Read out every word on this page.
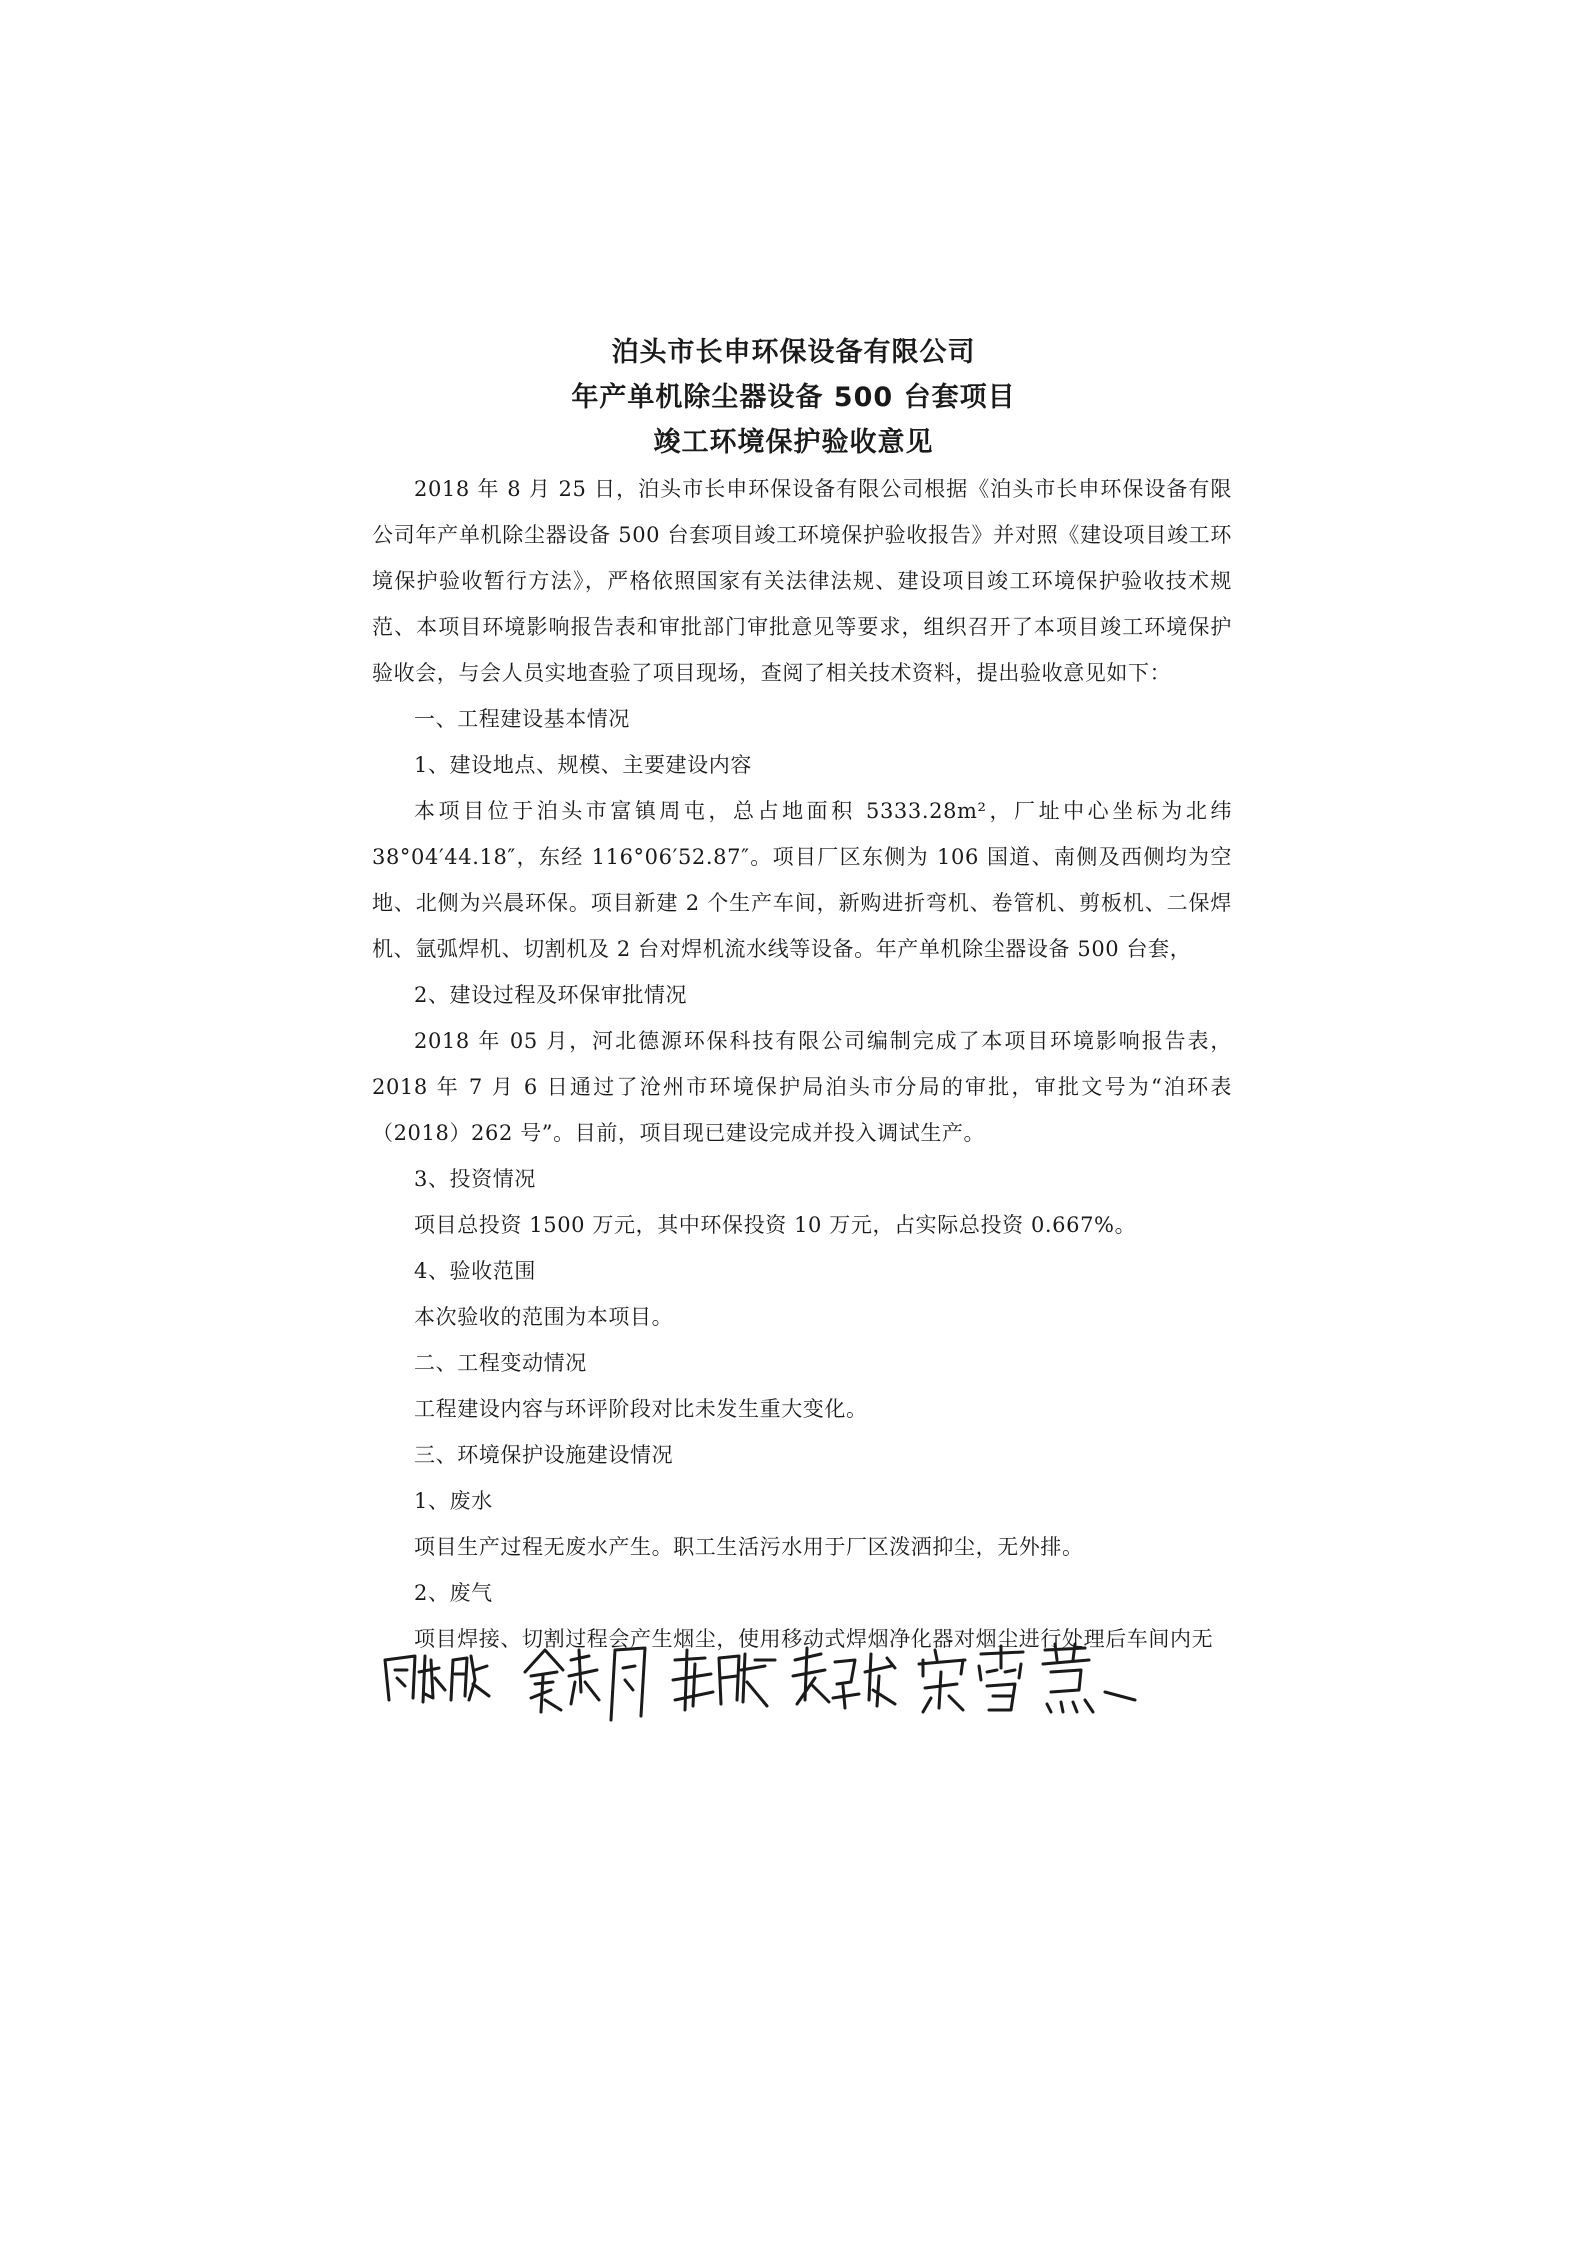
泊头市长申环保设备有限公司
年产单机除尘器设备 500 台套项目
竣工环境保护验收意见

2018 年 8 月 25 日，泊头市长申环保设备有限公司根据《泊头市长申环保设备有限公司年产单机除尘器设备 500 台套项目竣工环境保护验收报告》并对照《建设项目竣工环境保护验收暂行方法》，严格依照国家有关法律法规、建设项目竣工环境保护验收技术规范、本项目环境影响报告表和审批部门审批意见等要求，组织召开了本项目竣工环境保护验收会，与会人员实地查验了项目现场，查阅了相关技术资料，提出验收意见如下：

一、工程建设基本情况

1、建设地点、规模、主要建设内容

本项目位于泊头市富镇周屯，总占地面积 5333.28m²，厂址中心坐标为北纬 38°04′44.18″，东经 116°06′52.87″。项目厂区东侧为 106 国道、南侧及西侧均为空地、北侧为兴晨环保。项目新建 2 个生产车间，新购进折弯机、卷管机、剪板机、二保焊机、氩弧焊机、切割机及 2 台对焊机流水线等设备。年产单机除尘器设备 500 台套，

2、建设过程及环保审批情况

2018 年 05 月，河北德源环保科技有限公司编制完成了本项目环境影响报告表，2018 年 7 月 6 日通过了沧州市环境保护局泊头市分局的审批，审批文号为“泊环表（2018）262 号”。目前，项目现已建设完成并投入调试生产。

3、投资情况

项目总投资 1500 万元，其中环保投资 10 万元，占实际总投资 0.667%。

4、验收范围

本次验收的范围为本项目。

二、工程变动情况

工程建设内容与环评阶段对比未发生重大变化。

三、环境保护设施建设情况

1、废水

项目生产过程无废水产生。职工生活污水用于厂区泼洒抑尘，无外排。

2、废气

项目焊接、切割过程会产生烟尘，使用移动式焊烟净化器对烟尘进行处理后车间内无
